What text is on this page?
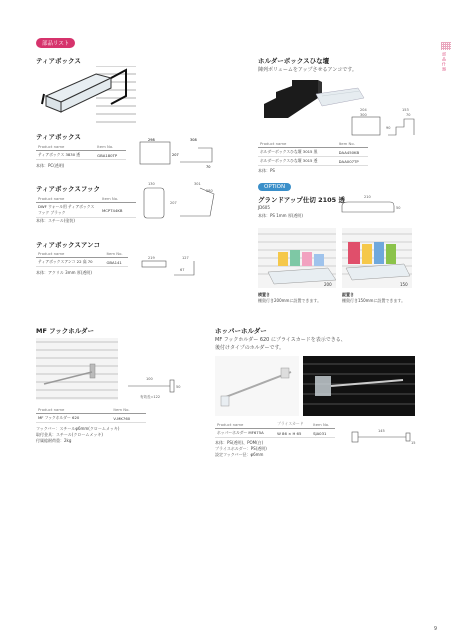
部品什器
部品リスト
ティアボックス
ティアボックス
Product name	Item No.
ティアボックス 3830 透	GBA180TP
本体：PC(透明)
298	308
207
70
ティアボックスフック
Product name	Item No.
DWF ウォール用 ティアボックスフック ブラック	MCPT44KB
本体：スチール(塗装)
130	301
207
280
ティアボックスアンコ
Product name	Item No.
ティアボックスアンコ 22 高 70	GBA141
本体：アクリル 3mm 厚(透明)
219	127
67
ホルダーボックスひな壇
陳列ボリュームをアップさせるアンコです。
204
300
153
70
90
Product name	Item No.
ホルダーボックスひな壇 3015 黒	DAA450KB
ホルダーボックスひな壇 3015 透	DAA007TP
本体：PS
OPTION
グランドアップ仕切 2105 透
JD605
本体：PS 1mm 厚(透明)
210
50
200	150
横置き
棚奥行き200mmに設置できます。
縦置き
棚奥行き150mmに設置できます。
MF フックホルダー
100
50
有効長=122
Product name	Item No.
MF フックホルダー 620	V-MK760
フックバー：スチールφ6mm(クロームメッキ)
取付金具：スチール(クロームメッキ)
付属総耐荷重：2kg
ホッパーホルダー
MF フックホルダー 620 にプライスカードを表示できる、
後付けタイプのホルダーです。
Product name	プライスカード	Item No.
ホッパーホルダー MF675A	W 86 × H 65	SJA031
本体：PS(透明)、POM(白)
プライスホルダー：PS(透明)
設定フックバー径：φ6mm
145
15
9
